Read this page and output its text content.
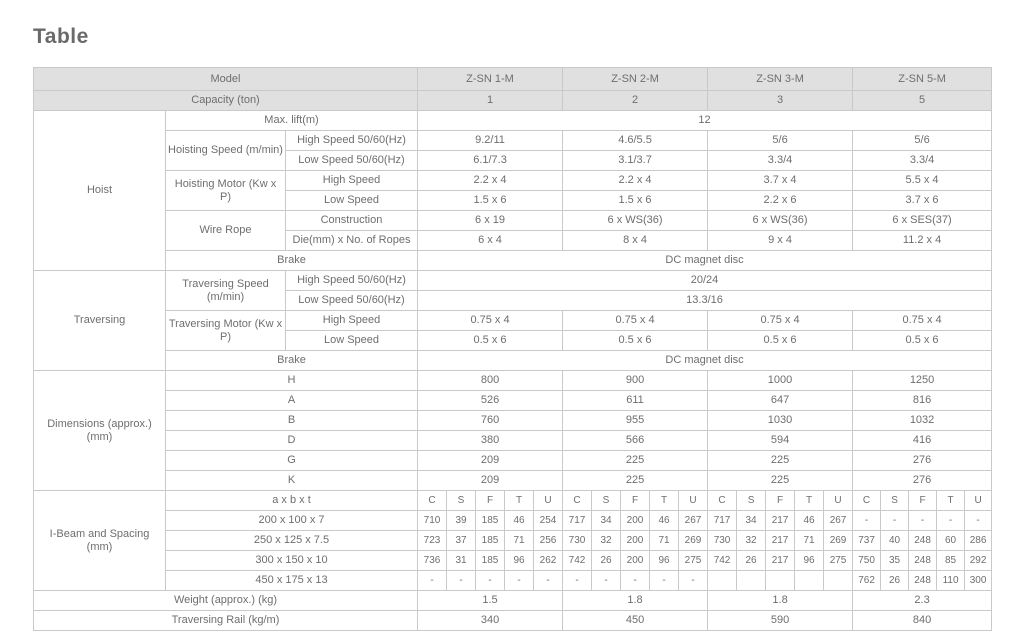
Table
Model			Z-SN 1-M					Z-SN 2-M					Z-SN 3-M					Z-SN 5-M				
Capacity (ton)			1					2					3					5				
Hoist	Max. lift(m)		12																			
	Hoisting Speed (m/min)	High Speed 50/60(Hz)	9.2/11					4.6/5.5					5/6					5/6				
		Low Speed 50/60(Hz)	6.1/7.3					3.1/3.7					3.3/4					3.3/4				
	Hoisting Motor (Kw x P)	High Speed	2.2 x 4					2.2 x 4					3.7 x 4					5.5 x 4				
		Low Speed	1.5 x 6					1.5 x 6					2.2 x 6					3.7 x 6				
	Wire Rope	Construction	6 x 19					6 x WS(36)					6 x WS(36)					6 x SES(37)				
		Die(mm) x No. of Ropes	6 x 4					8 x 4					9 x 4					11.2 x 4				
	Brake		DC magnet disc																			
Traversing	Traversing Speed (m/min)	High Speed 50/60(Hz)	20/24																			
		Low Speed 50/60(Hz)	13.3/16																			
	Traversing Motor (Kw x P)	High Speed	0.75 x 4					0.75 x 4					0.75 x 4					0.75 x 4				
		Low Speed	0.5 x 6					0.5 x 6					0.5 x 6					0.5 x 6				
	Brake		DC magnet disc																			
Dimensions (approx.)(mm)	H		800					900					1000					1250				
	A		526					611					647					816				
	B		760					955					1030					1032				
	D		380					566					594					416				
	G		209					225					225					276				
	K		209					225					225					276				
I-Beam and Spacing (mm)	a x b x t		C	S	F	T	U	C	S	F	T	U	C	S	F	T	U	C	S	F	T	U
	200 x 100 x 7		710	39	185	46	254	717	34	200	46	267	717	34	217	46	267	-	-	-	-	-
	250 x 125 x 7.5		723	37	185	71	256	730	32	200	71	269	730	32	217	71	269	737	40	248	60	286
	300 x 150 x 10		736	31	185	96	262	742	26	200	96	275	742	26	217	96	275	750	35	248	85	292
	450 x 175 x 13		-	-	-	-	-	-	-	-	-	-						762	26	248	110	300
Weight (approx.) (kg)			1.5					1.8					1.8					2.3				
Traversing Rail (kg/m)			340					450					590					840				
